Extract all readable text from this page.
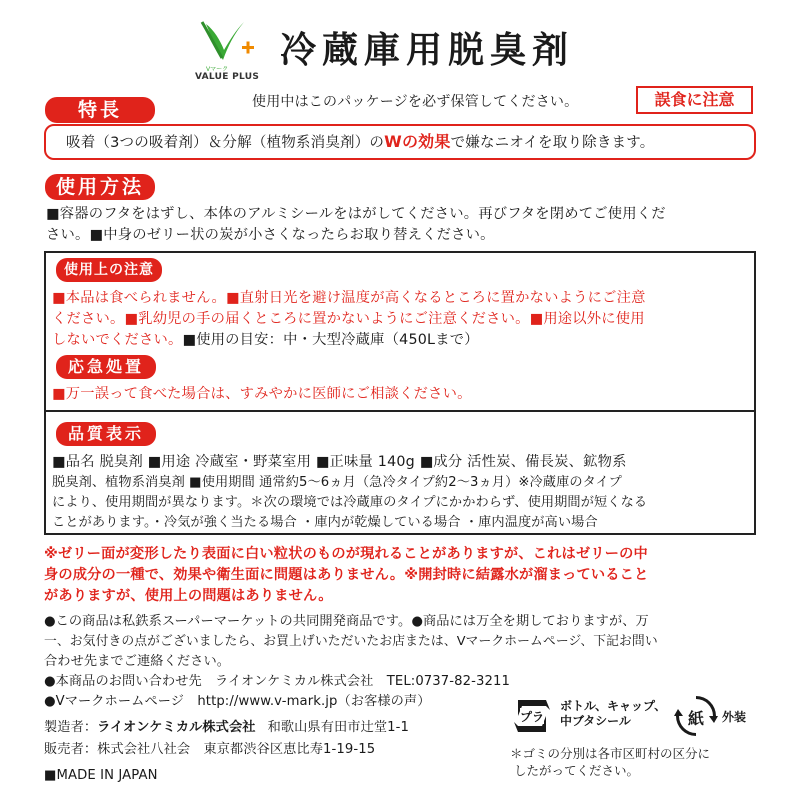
Vマーク
VALUE PLUS
冷蔵庫用脱臭剤
特長	使用中はこのパッケージを必ず保管してください。	誤食に注意
吸着（3つの吸着剤）＆分解（植物系消臭剤）のWの効果で嫌なニオイを取り除きます。
使用方法
■容器のフタをはずし、本体のアルミシールをはがしてください。再びフタを閉めてご使用くだ
さい。■中身のゼリー状の炭が小さくなったらお取り替えください。
使用上の注意
■本品は食べられません。■直射日光を避け温度が高くなるところに置かないようにご注意
ください。■乳幼児の手の届くところに置かないようにご注意ください。■用途以外に使用
しないでください。■使用の目安：中・大型冷蔵庫（450Lまで）
応急処置
■万一誤って食べた場合は、すみやかに医師にご相談ください。
品質表示
■品名 脱臭剤 ■用途 冷蔵室・野菜室用 ■正味量 140g ■成分 活性炭、備長炭、鉱物系
脱臭剤、植物系消臭剤 ■使用期間 通常約5〜6ヵ月（急冷タイプ約2〜3ヵ月）※冷蔵庫のタイプ
により、使用期間が異なります。＊次の環境では冷蔵庫のタイプにかかわらず、使用期間が短くなる
ことがあります。・冷気が強く当たる場合 ・庫内が乾燥している場合 ・庫内温度が高い場合
※ゼリー面が変形したり表面に白い粒状のものが現れることがありますが、これはゼリーの中
身の成分の一種で、効果や衛生面に問題はありません。※開封時に結露水が溜まっていること
がありますが、使用上の問題はありません。
●この商品は私鉄系スーパーマーケットの共同開発商品です。●商品には万全を期しておりますが、万
一、お気付きの点がございましたら、お買上げいただいたお店または、Vマークホームページ、下記お問い
合わせ先までご連絡ください。
●本商品のお問い合わせ先　ライオンケミカル株式会社　TEL:0737-82-3211
●Vマークホームページ　http://www.v-mark.jp（お客様の声）
製造者：ライオンケミカル株式会社 和歌山県有田市辻堂1-1
販売者：株式会社八社会　東京都渋谷区恵比寿1-19-15
■MADE IN JAPAN
プラ
ボトル、キャップ、
中ブタシール	紙	外装
＊ゴミの分別は各市区町村の区分に
したがってください。
